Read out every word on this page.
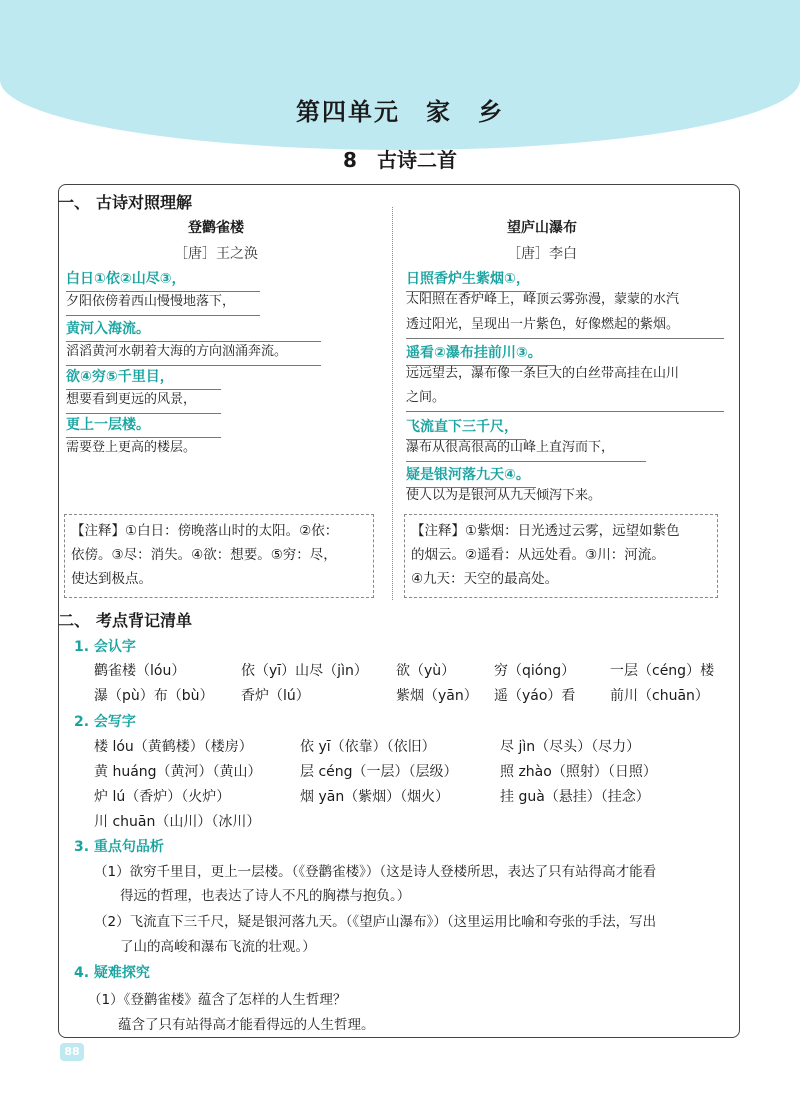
第四单元　家　乡
8　古诗二首
一、 古诗对照理解
登鹳雀楼
［唐］王之涣
白日①依②山尽③，
夕阳依傍着西山慢慢地落下，
黄河入海流。
滔滔黄河水朝着大海的方向汹涌奔流。
欲④穷⑤千里目，
想要看到更远的风景，
更上一层楼。
需要登上更高的楼层。
【注释】①白日：傍晚落山时的太阳。②依：
依傍。③尽：消失。④欲：想要。⑤穷：尽，
使达到极点。
望庐山瀑布
［唐］李白
日照香炉生紫烟①，
太阳照在香炉峰上，峰顶云雾弥漫，蒙蒙的水汽
透过阳光，呈现出一片紫色，好像燃起的紫烟。
遥看②瀑布挂前川③。
远远望去，瀑布像一条巨大的白丝带高挂在山川
之间。
飞流直下三千尺，
瀑布从很高很高的山峰上直泻而下，
疑是银河落九天④。
使人以为是银河从九天倾泻下来。
【注释】①紫烟：日光透过云雾，远望如紫色
的烟云。②遥看：从远处看。③川：河流。
④九天：天空的最高处。
二、 考点背记清单
1. 会认字
鹳雀楼（lóu）	依（yī）山尽（jìn） 欲（yù）	穷（qióng） 一层（céng）楼
瀑（pù）布（bù） 香炉（lú）	紫烟（yān） 遥（yáo）看 前川（chuān）
2. 会写字
楼 lóu（黄鹤楼）（楼房）	依 yī（依靠）（依旧）	尽 jìn（尽头）（尽力）
黄 huáng（黄河）（黄山）	层 céng（一层）（层级）	照 zhào（照射）（日照）
炉 lú（香炉）（火炉）	烟 yān（紫烟）（烟火）	挂 guà（悬挂）（挂念）
川 chuān（山川）（冰川）
3. 重点句品析
（1）欲穷千里目，更上一层楼。（《登鹳雀楼》）（这是诗人登楼所思，表达了只有站得高才能看
得远的哲理，也表达了诗人不凡的胸襟与抱负。）
（2）飞流直下三千尺，疑是银河落九天。（《望庐山瀑布》）（这里运用比喻和夸张的手法，写出
了山的高峻和瀑布飞流的壮观。）
4. 疑难探究
（1）《登鹳雀楼》蕴含了怎样的人生哲理？
蕴含了只有站得高才能看得远的人生哲理。
88
